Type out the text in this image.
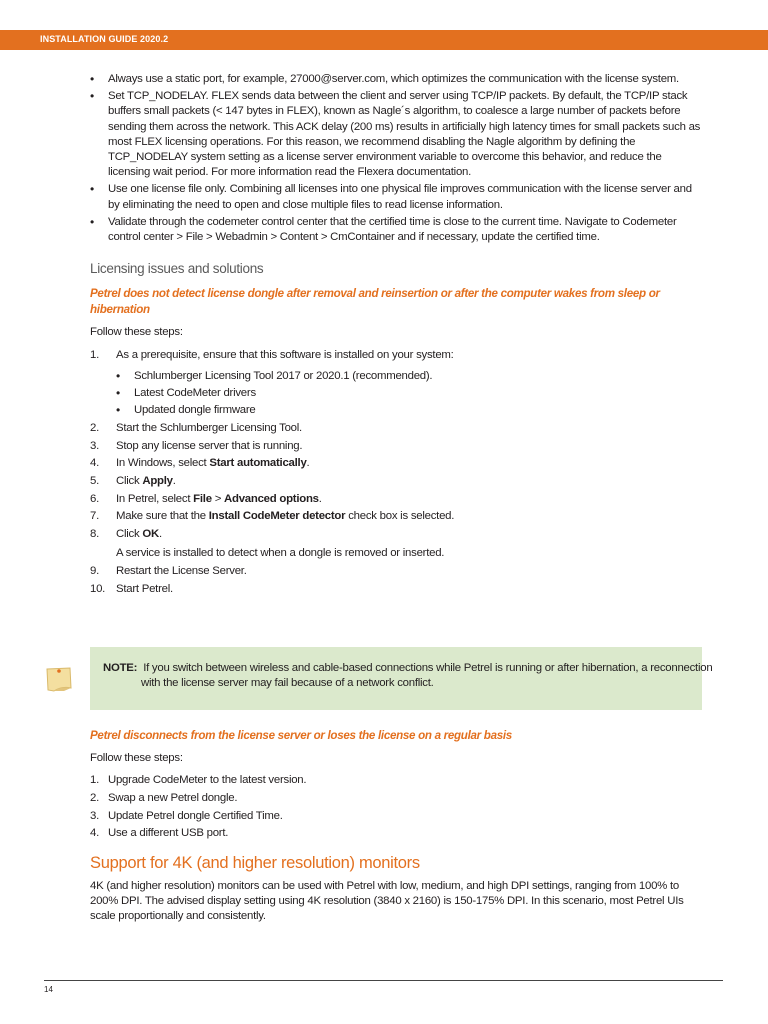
INSTALLATION GUIDE 2020.2
• Always use a static port, for example, 27000@server.com, which optimizes the communication with the license system.
• Set TCP_NODELAY. FLEX sends data between the client and server using TCP/IP packets. By default, the TCP/IP stack buffers small packets (< 147 bytes in FLEX), known as Nagle´s algorithm, to coalesce a large number of packets before sending them across the network. This ACK delay (200 ms) results in artificially high latency times for small packets such as most FLEX licensing operations. For this reason, we recommend disabling the Nagle algorithm by defining the TCP_NODELAY system setting as a license server environment variable to overcome this behavior, and reduce the licensing wait period. For more information read the Flexera documentation.
• Use one license file only. Combining all licenses into one physical file improves communication with the license server and by eliminating the need to open and close multiple files to read license information.
• Validate through the codemeter control center that the certified time is close to the current time. Navigate to Codemeter control center > File > Webadmin > Content > CmContainer and if necessary, update the certified time.
Licensing issues and solutions

Petrel does not detect license dongle after removal and reinsertion or after the computer wakes from sleep or hibernation

Follow these steps:

1. As a prerequisite, ensure that this software is installed on your system:
• Schlumberger Licensing Tool 2017 or 2020.1 (recommended).
• Latest CodeMeter drivers
• Updated dongle firmware
2. Start the Schlumberger Licensing Tool.
3. Stop any license server that is running.
4. In Windows, select Start automatically.
5. Click Apply.
6. In Petrel, select File > Advanced options.
7. Make sure that the Install CodeMeter detector check box is selected.
8. Click OK.
A service is installed to detect when a dongle is removed or inserted.
9. Restart the License Server.
10. Start Petrel.
NOTE: If you switch between wireless and cable-based connections while Petrel is running or after hibernation, a reconnection with the license server may fail because of a network conflict.

Petrel disconnects from the license server or loses the license on a regular basis

Follow these steps:

1. Upgrade CodeMeter to the latest version.
2. Swap a new Petrel dongle.
3. Update Petrel dongle Certified Time.
4. Use a different USB port.
Support for 4K (and higher resolution) monitors

4K (and higher resolution) monitors can be used with Petrel with low, medium, and high DPI settings, ranging from 100% to 200% DPI. The advised display setting using 4K resolution (3840 x 2160) is 150-175% DPI. In this scenario, most Petrel UIs scale proportionally and consistently.

14
